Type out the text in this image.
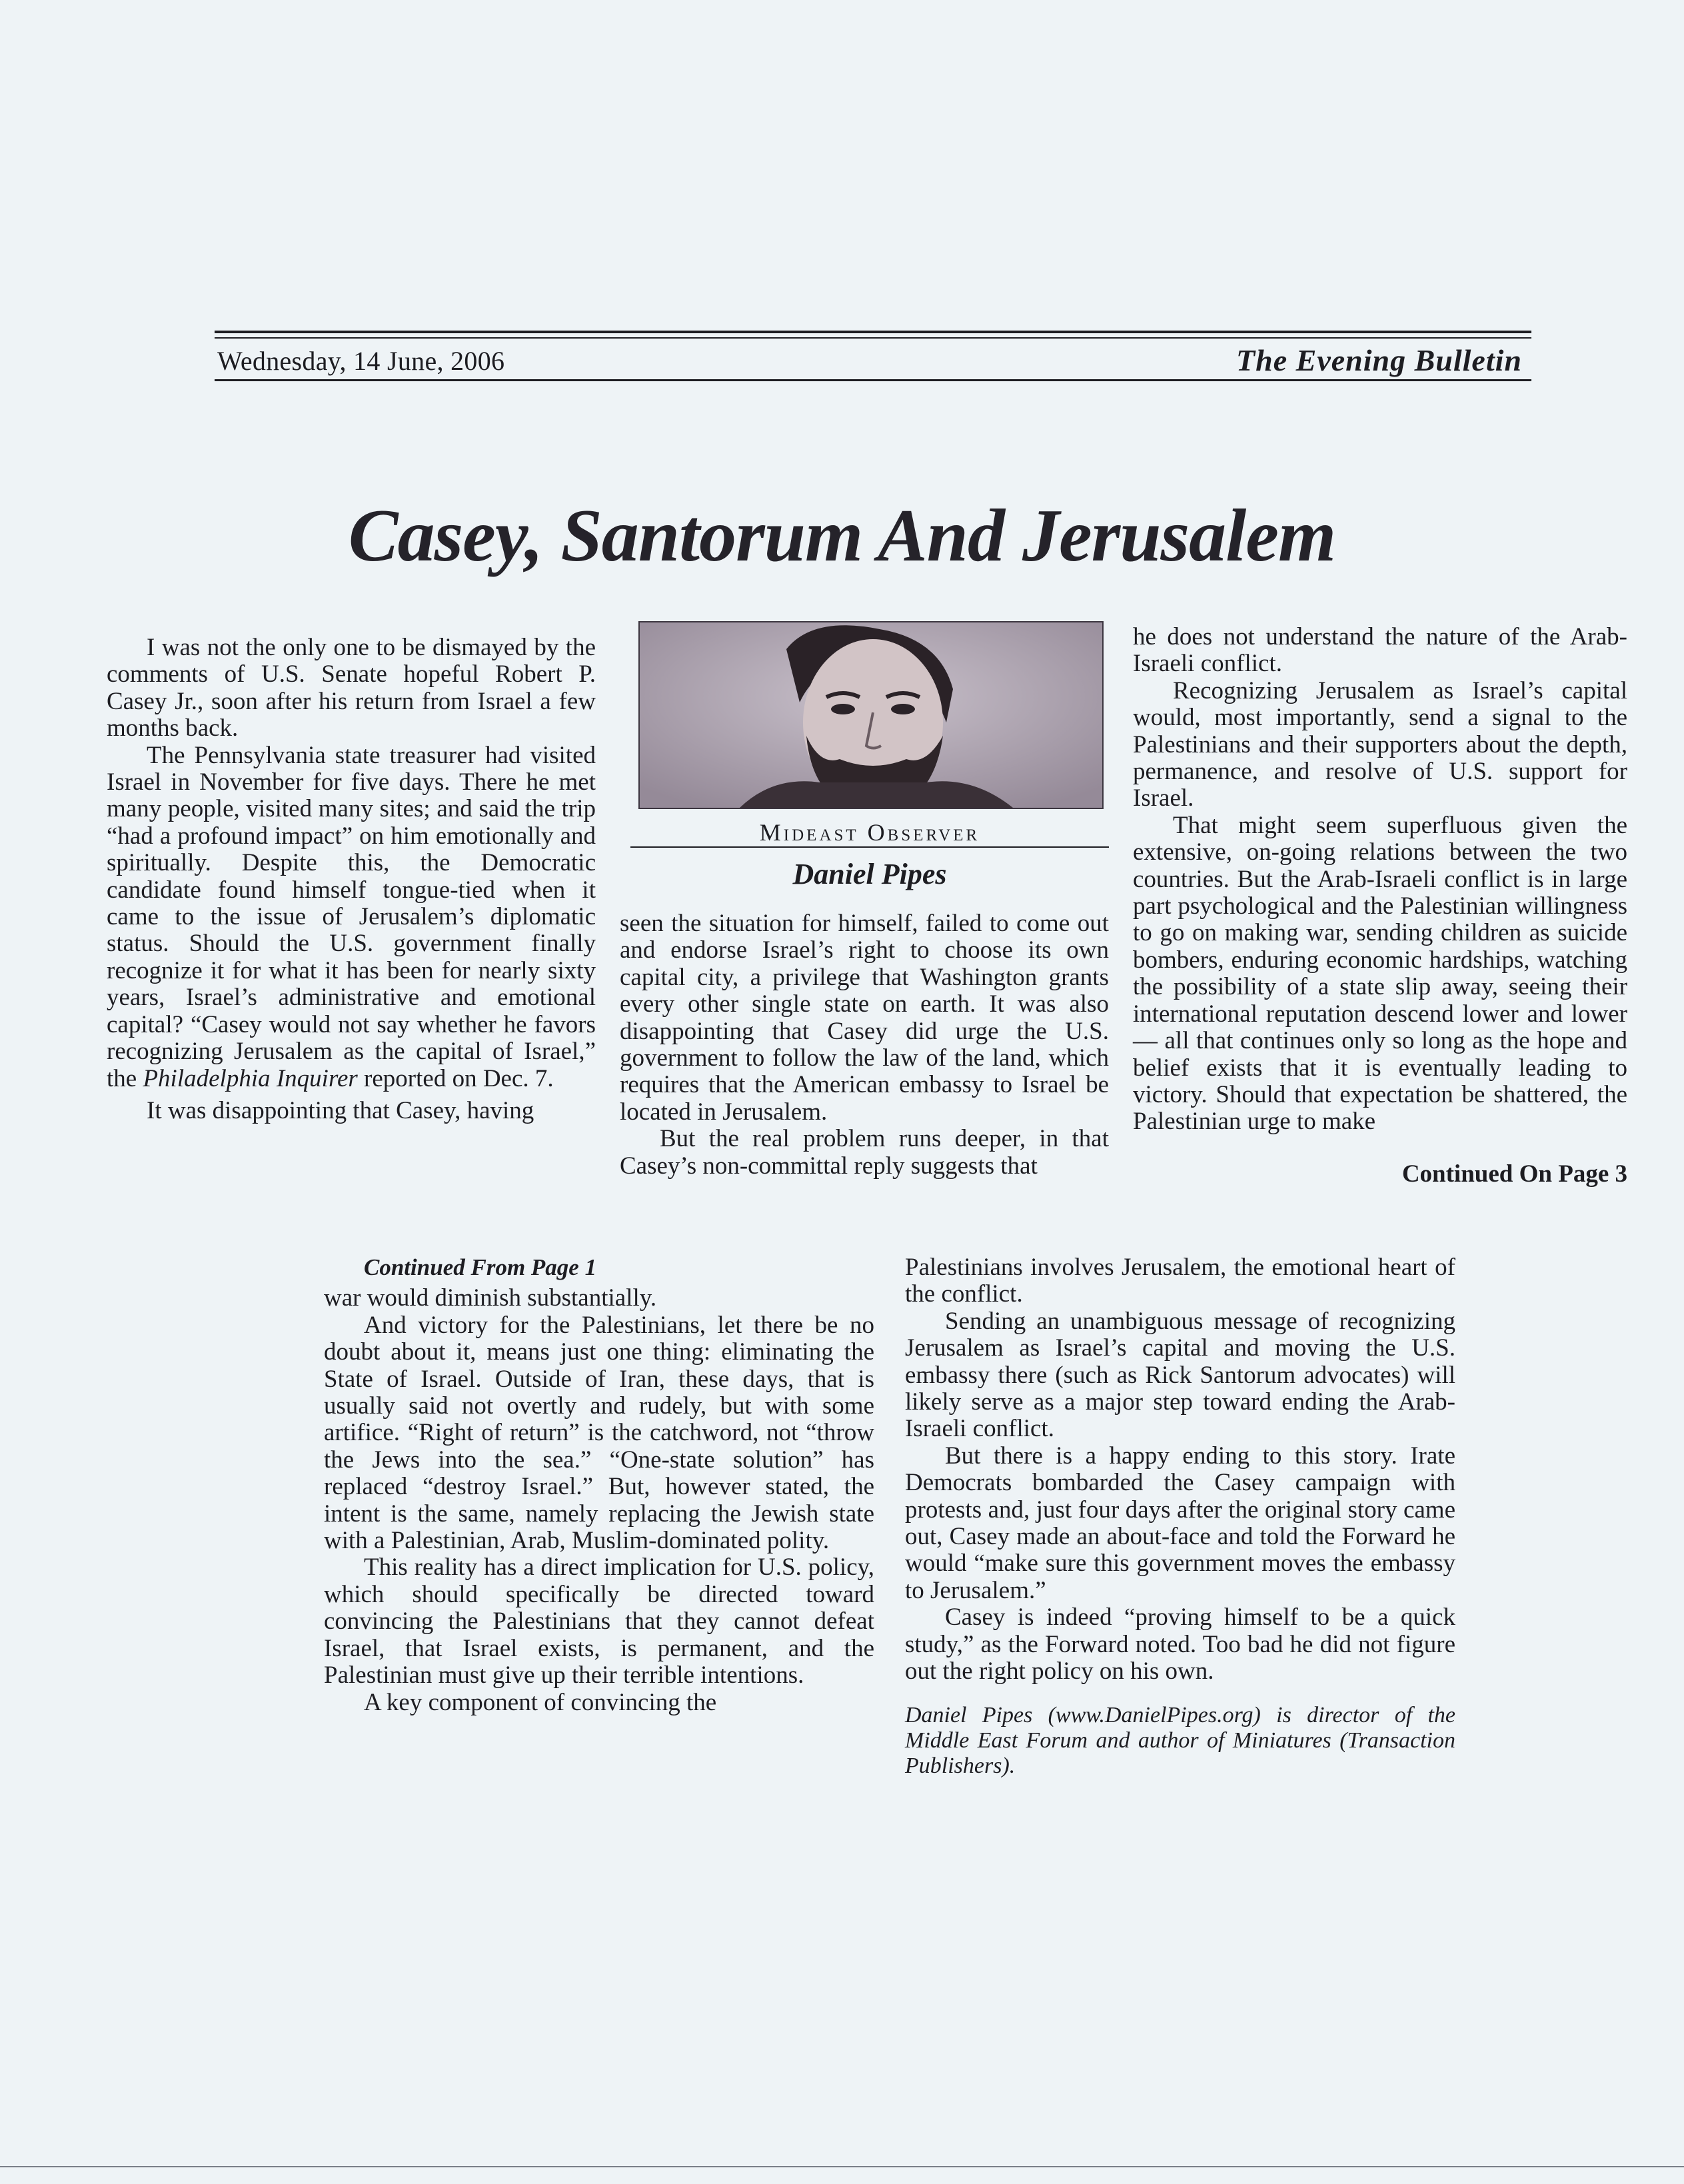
Wednesday, 14 June, 2006	The Evening Bulletin
Casey, Santorum And Jerusalem

I was not the only one to be dismayed by the comments of U.S. Senate hopeful Robert P. Casey Jr., soon after his return from Israel a few months back.

The Pennsylvania state treasurer had visited Israel in November for five days. There he met many people, visited many sites; and said the trip “had a profound impact” on him emotionally and spiritually. Despite this, the Democratic candidate found himself tongue-tied when it came to the issue of Jerusalem’s diplomatic status. Should the U.S. government finally recognize it for what it has been for nearly sixty years, Israel’s administrative and emotional capital? “Casey would not say whether he favors recognizing Jerusalem as the capital of Israel,” the Philadelphia Inquirer reported on Dec. 7.

It was disappointing that Casey, having

Mideast Observer
Daniel Pipes

seen the situation for himself, failed to come out and endorse Israel’s right to choose its own capital city, a privilege that Washington grants every other single state on earth. It was also disappointing that Casey did urge the U.S. government to follow the law of the land, which requires that the American embassy to Israel be located in Jerusalem.

But the real problem runs deeper, in that Casey’s non-committal reply suggests that

he does not understand the nature of the Arab-Israeli conflict.

Recognizing Jerusalem as Israel’s capital would, most importantly, send a signal to the Palestinians and their supporters about the depth, permanence, and resolve of U.S. support for Israel.

That might seem superfluous given the extensive, on-going relations between the two countries. But the Arab-Israeli conflict is in large part psychological and the Palestinian willingness to go on making war, sending children as suicide bombers, enduring economic hardships, watching the possibility of a state slip away, seeing their international reputation descend lower and lower — all that continues only so long as the hope and belief exists that it is eventually leading to victory. Should that expectation be shattered, the Palestinian urge to make

Continued On Page 3

Continued From Page 1

war would diminish substantially.

And victory for the Palestinians, let there be no doubt about it, means just one thing: eliminating the State of Israel. Outside of Iran, these days, that is usually said not overtly and rudely, but with some artifice. “Right of return” is the catchword, not “throw the Jews into the sea.” “One-state solution” has replaced “destroy Israel.” But, however stated, the intent is the same, namely replacing the Jewish state with a Palestinian, Arab, Muslim-dominated polity.

This reality has a direct implication for U.S. policy, which should specifically be directed toward convincing the Palestinians that they cannot defeat Israel, that Israel exists, is permanent, and the Palestinian must give up their terrible intentions.

A key component of convincing the

Palestinians involves Jerusalem, the emotional heart of the conflict.

Sending an unambiguous message of recognizing Jerusalem as Israel’s capital and moving the U.S. embassy there (such as Rick Santorum advocates) will likely serve as a major step toward ending the Arab-Israeli conflict.

But there is a happy ending to this story. Irate Democrats bombarded the Casey campaign with protests and, just four days after the original story came out, Casey made an about-face and told the Forward he would “make sure this government moves the embassy to Jerusalem.”

Casey is indeed “proving himself to be a quick study,” as the Forward noted. Too bad he did not figure out the right policy on his own.

Daniel Pipes (www.DanielPipes.org) is director of the Middle East Forum and author of Miniatures (Transaction Publishers).
